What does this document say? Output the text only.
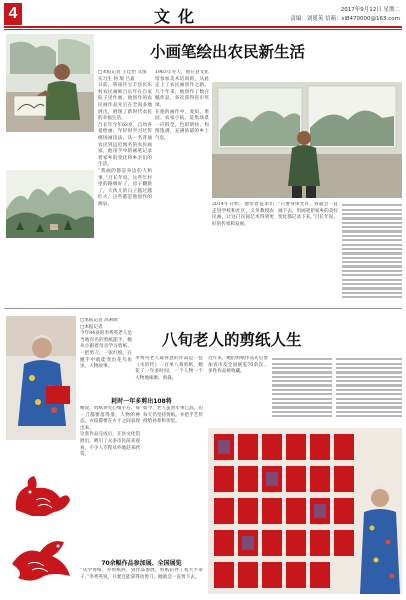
4	文化	2017年9月12日 星期二
责编：刘冕英 信箱：sl8470000@163.com
小画笔绘出农民新生活

□本报记者 王佳怡 文图

实习生 何 瑞 吕嘉

日前，鲁南区宝丰县民乐村农民画师吕长年在自家院子里作画。他创作的农民画作品先后在全国多地展出，展现了新时代农民的幸福生活。

吕长年今年63岁，自幼喜爱绘画，年轻时学习过传统国画技法。从一名普通农民到远近闻名的农民画家，他用手中的画笔记录着家乡的变化和乡亲们的生活。

“我画的都是身边的人和事。”吕长年说，这些年村里的路修好了，房子翻新了，大伙儿的日子越过越红火，这些都是他创作的源泉。

1963年冬天，他在县文化馆参加美术培训班，从此走上了农民画创作之路。几十年来，他创作了数百幅作品，多次获得省市奖项。

在他的画作中，麦田、果园、农家小院、赶集场景一应俱全，色彩明快，构图饱满，充满浓郁的乡土气息。

2014年开始，他带着徒弟们走进学校和社区，义务教授农民画，让这门民间艺术得到更好的传承和发展。

“只要身体允许，我就会一直画下去，用画笔把家乡的美好变化都记录下来。”吕长年说。

八旬老人的剪纸人生

□本报记者 高莉欧

□本报记者

今年84岁的李秀英老人是当地有名的剪纸能手，她从小跟着母亲学习剪纸，一把剪刀、一张红纸，在她手中就能变出花鸟鱼虫、人物故事。

李秀英老人最得意的作品是一套《水浒传》一百单八将剪纸，她花了一年多时间，一个人物一个人物地琢磨、剪裁。

耗时一年多剪出108将

她说，剪纸讲究心细手巧，每一刀都要落得准，人物的神态、衣纹都要在方寸之间表现出来。

这套作品完成后，在县文化馆展出，吸引了众多市民前来观看，不少人专程从外地赶来欣赏。

如今，老人虽然年事已高，但每天仍坚持剪纸，并把手艺传授给孙辈和邻里。

70余幅作品参加展、全国展览

“从学剪纸、办剪纸班，到作品参展，剪纸陪伴了我大半辈子。”李秀英说，只要还能拿得动剪刀，她就会一直剪下去。

近年来，她的剪纸作品先后参加省市及全国展览70余次，多件作品被收藏。
